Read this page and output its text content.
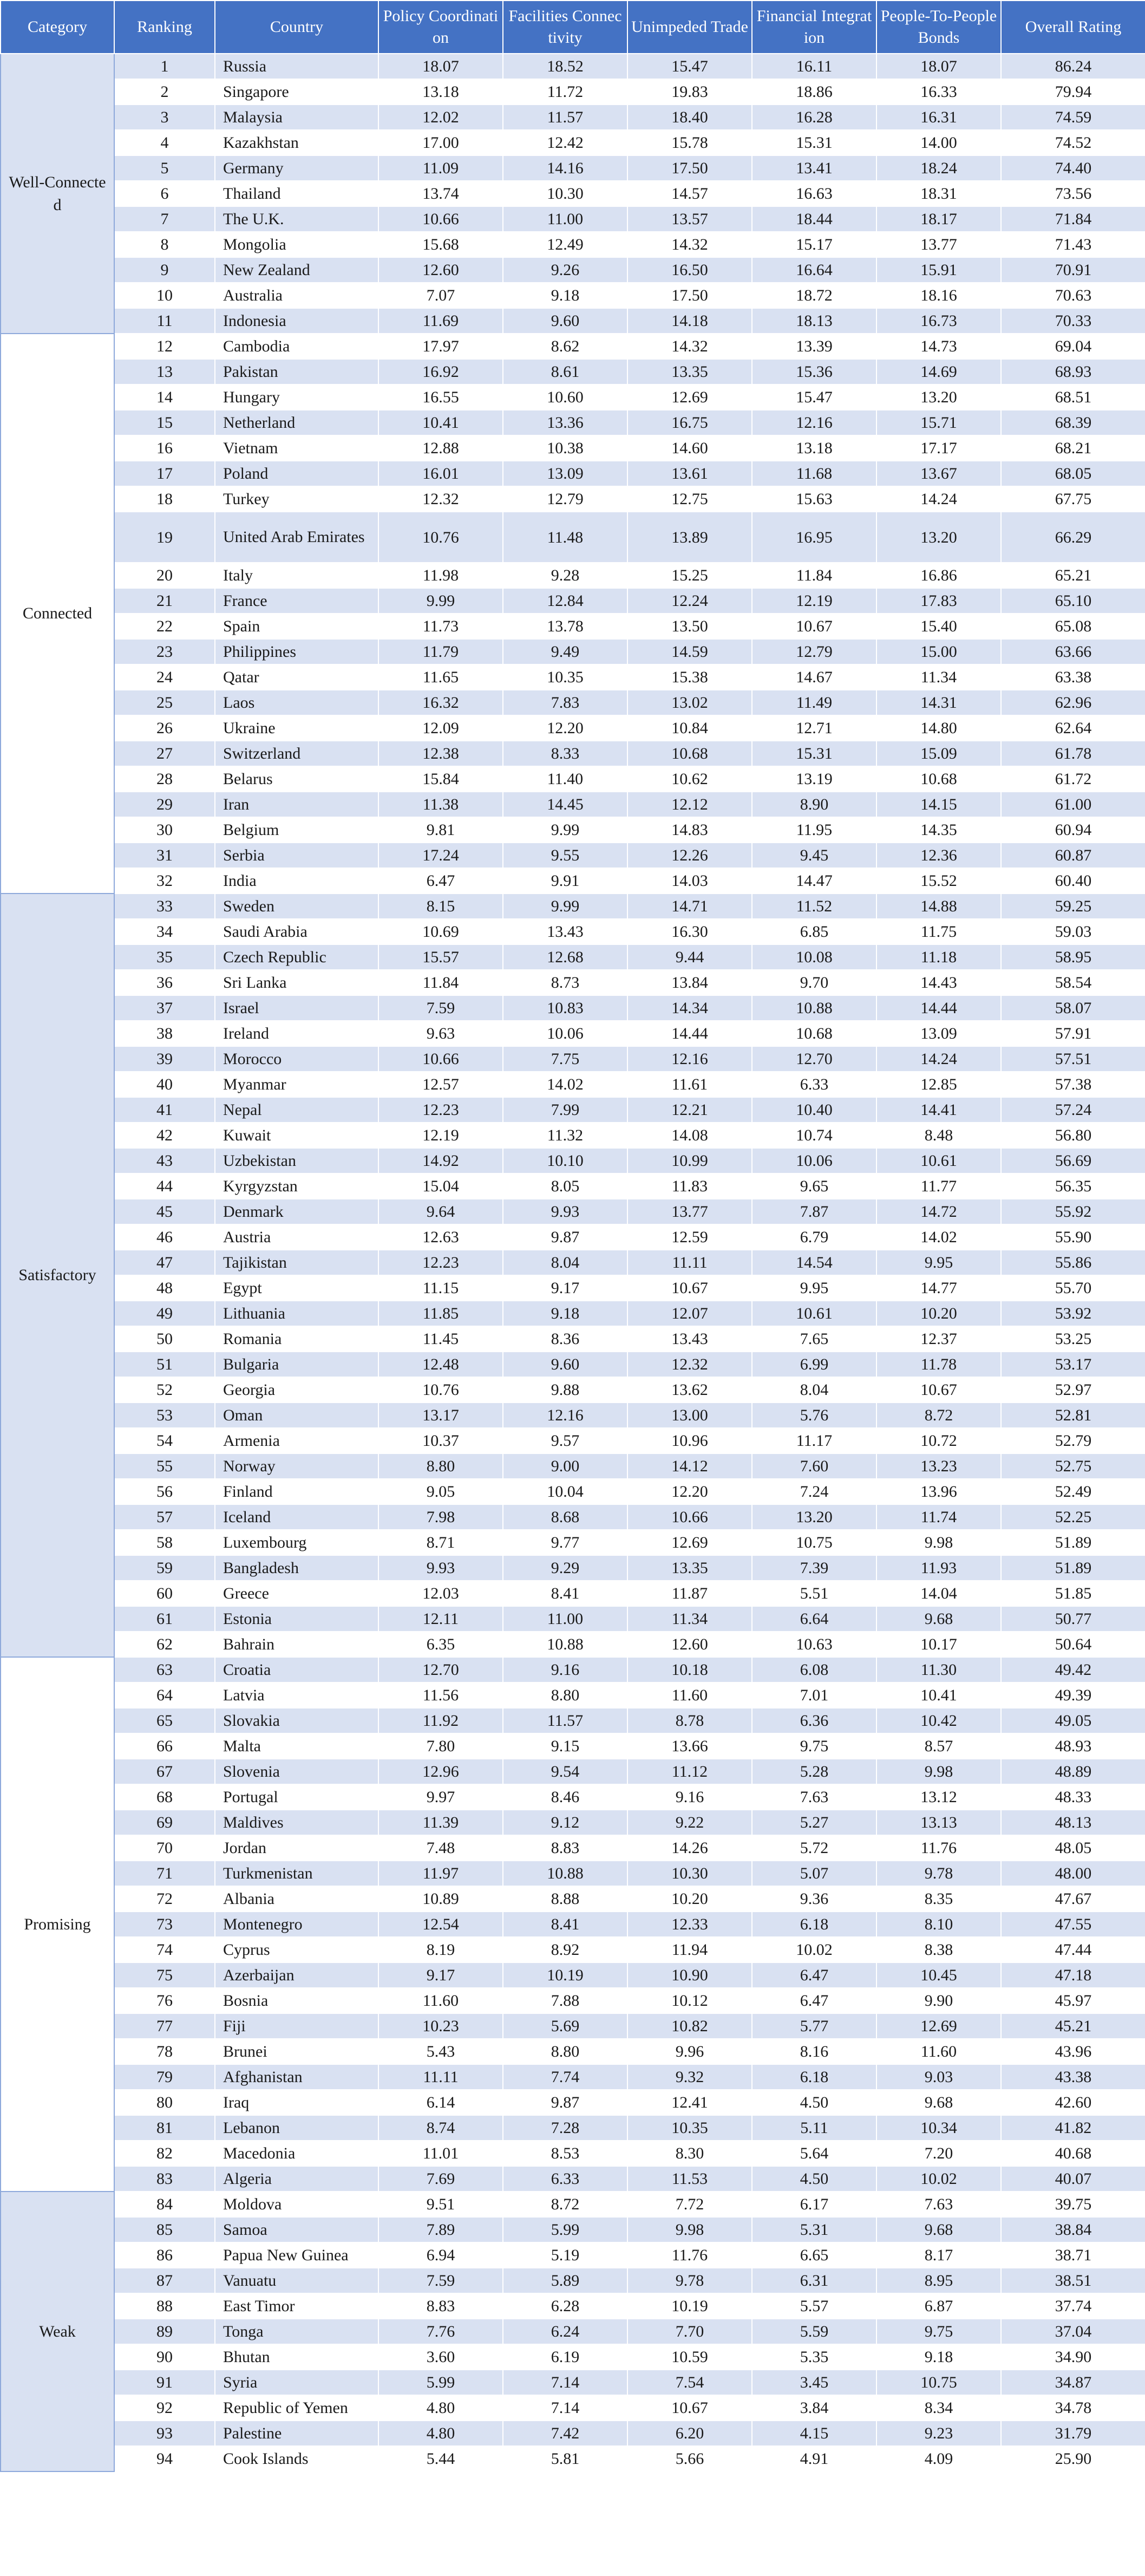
Category	Ranking	Country	Policy Coordination	Facilities Connectivity	Unimpeded Trade	Financial Integration	People-To-People Bonds	Overall Rating
Well-Connected	1	Russia	18.07	18.52	15.47	16.11	18.07	86.24
	2	Singapore	13.18	11.72	19.83	18.86	16.33	79.94
	3	Malaysia	12.02	11.57	18.40	16.28	16.31	74.59
	4	Kazakhstan	17.00	12.42	15.78	15.31	14.00	74.52
	5	Germany	11.09	14.16	17.50	13.41	18.24	74.40
	6	Thailand	13.74	10.30	14.57	16.63	18.31	73.56
	7	The U.K.	10.66	11.00	13.57	18.44	18.17	71.84
	8	Mongolia	15.68	12.49	14.32	15.17	13.77	71.43
	9	New Zealand	12.60	9.26	16.50	16.64	15.91	70.91
	10	Australia	7.07	9.18	17.50	18.72	18.16	70.63
	11	Indonesia	11.69	9.60	14.18	18.13	16.73	70.33
Connected	12	Cambodia	17.97	8.62	14.32	13.39	14.73	69.04
	13	Pakistan	16.92	8.61	13.35	15.36	14.69	68.93
	14	Hungary	16.55	10.60	12.69	15.47	13.20	68.51
	15	Netherland	10.41	13.36	16.75	12.16	15.71	68.39
	16	Vietnam	12.88	10.38	14.60	13.18	17.17	68.21
	17	Poland	16.01	13.09	13.61	11.68	13.67	68.05
	18	Turkey	12.32	12.79	12.75	15.63	14.24	67.75
	19	United Arab Emirates	10.76	11.48	13.89	16.95	13.20	66.29
	20	Italy	11.98	9.28	15.25	11.84	16.86	65.21
	21	France	9.99	12.84	12.24	12.19	17.83	65.10
	22	Spain	11.73	13.78	13.50	10.67	15.40	65.08
	23	Philippines	11.79	9.49	14.59	12.79	15.00	63.66
	24	Qatar	11.65	10.35	15.38	14.67	11.34	63.38
	25	Laos	16.32	7.83	13.02	11.49	14.31	62.96
	26	Ukraine	12.09	12.20	10.84	12.71	14.80	62.64
	27	Switzerland	12.38	8.33	10.68	15.31	15.09	61.78
	28	Belarus	15.84	11.40	10.62	13.19	10.68	61.72
	29	Iran	11.38	14.45	12.12	8.90	14.15	61.00
	30	Belgium	9.81	9.99	14.83	11.95	14.35	60.94
	31	Serbia	17.24	9.55	12.26	9.45	12.36	60.87
	32	India	6.47	9.91	14.03	14.47	15.52	60.40
Satisfactory	33	Sweden	8.15	9.99	14.71	11.52	14.88	59.25
	34	Saudi Arabia	10.69	13.43	16.30	6.85	11.75	59.03
	35	Czech Republic	15.57	12.68	9.44	10.08	11.18	58.95
	36	Sri Lanka	11.84	8.73	13.84	9.70	14.43	58.54
	37	Israel	7.59	10.83	14.34	10.88	14.44	58.07
	38	Ireland	9.63	10.06	14.44	10.68	13.09	57.91
	39	Morocco	10.66	7.75	12.16	12.70	14.24	57.51
	40	Myanmar	12.57	14.02	11.61	6.33	12.85	57.38
	41	Nepal	12.23	7.99	12.21	10.40	14.41	57.24
	42	Kuwait	12.19	11.32	14.08	10.74	8.48	56.80
	43	Uzbekistan	14.92	10.10	10.99	10.06	10.61	56.69
	44	Kyrgyzstan	15.04	8.05	11.83	9.65	11.77	56.35
	45	Denmark	9.64	9.93	13.77	7.87	14.72	55.92
	46	Austria	12.63	9.87	12.59	6.79	14.02	55.90
	47	Tajikistan	12.23	8.04	11.11	14.54	9.95	55.86
	48	Egypt	11.15	9.17	10.67	9.95	14.77	55.70
	49	Lithuania	11.85	9.18	12.07	10.61	10.20	53.92
	50	Romania	11.45	8.36	13.43	7.65	12.37	53.25
	51	Bulgaria	12.48	9.60	12.32	6.99	11.78	53.17
	52	Georgia	10.76	9.88	13.62	8.04	10.67	52.97
	53	Oman	13.17	12.16	13.00	5.76	8.72	52.81
	54	Armenia	10.37	9.57	10.96	11.17	10.72	52.79
	55	Norway	8.80	9.00	14.12	7.60	13.23	52.75
	56	Finland	9.05	10.04	12.20	7.24	13.96	52.49
	57	Iceland	7.98	8.68	10.66	13.20	11.74	52.25
	58	Luxembourg	8.71	9.77	12.69	10.75	9.98	51.89
	59	Bangladesh	9.93	9.29	13.35	7.39	11.93	51.89
	60	Greece	12.03	8.41	11.87	5.51	14.04	51.85
	61	Estonia	12.11	11.00	11.34	6.64	9.68	50.77
	62	Bahrain	6.35	10.88	12.60	10.63	10.17	50.64
Promising	63	Croatia	12.70	9.16	10.18	6.08	11.30	49.42
	64	Latvia	11.56	8.80	11.60	7.01	10.41	49.39
	65	Slovakia	11.92	11.57	8.78	6.36	10.42	49.05
	66	Malta	7.80	9.15	13.66	9.75	8.57	48.93
	67	Slovenia	12.96	9.54	11.12	5.28	9.98	48.89
	68	Portugal	9.97	8.46	9.16	7.63	13.12	48.33
	69	Maldives	11.39	9.12	9.22	5.27	13.13	48.13
	70	Jordan	7.48	8.83	14.26	5.72	11.76	48.05
	71	Turkmenistan	11.97	10.88	10.30	5.07	9.78	48.00
	72	Albania	10.89	8.88	10.20	9.36	8.35	47.67
	73	Montenegro	12.54	8.41	12.33	6.18	8.10	47.55
	74	Cyprus	8.19	8.92	11.94	10.02	8.38	47.44
	75	Azerbaijan	9.17	10.19	10.90	6.47	10.45	47.18
	76	Bosnia	11.60	7.88	10.12	6.47	9.90	45.97
	77	Fiji	10.23	5.69	10.82	5.77	12.69	45.21
	78	Brunei	5.43	8.80	9.96	8.16	11.60	43.96
	79	Afghanistan	11.11	7.74	9.32	6.18	9.03	43.38
	80	Iraq	6.14	9.87	12.41	4.50	9.68	42.60
	81	Lebanon	8.74	7.28	10.35	5.11	10.34	41.82
	82	Macedonia	11.01	8.53	8.30	5.64	7.20	40.68
	83	Algeria	7.69	6.33	11.53	4.50	10.02	40.07
Weak	84	Moldova	9.51	8.72	7.72	6.17	7.63	39.75
	85	Samoa	7.89	5.99	9.98	5.31	9.68	38.84
	86	Papua New Guinea	6.94	5.19	11.76	6.65	8.17	38.71
	87	Vanuatu	7.59	5.89	9.78	6.31	8.95	38.51
	88	East Timor	8.83	6.28	10.19	5.57	6.87	37.74
	89	Tonga	7.76	6.24	7.70	5.59	9.75	37.04
	90	Bhutan	3.60	6.19	10.59	5.35	9.18	34.90
	91	Syria	5.99	7.14	7.54	3.45	10.75	34.87
	92	Republic of Yemen	4.80	7.14	10.67	3.84	8.34	34.78
	93	Palestine	4.80	7.42	6.20	4.15	9.23	31.79
	94	Cook Islands	5.44	5.81	5.66	4.91	4.09	25.90
